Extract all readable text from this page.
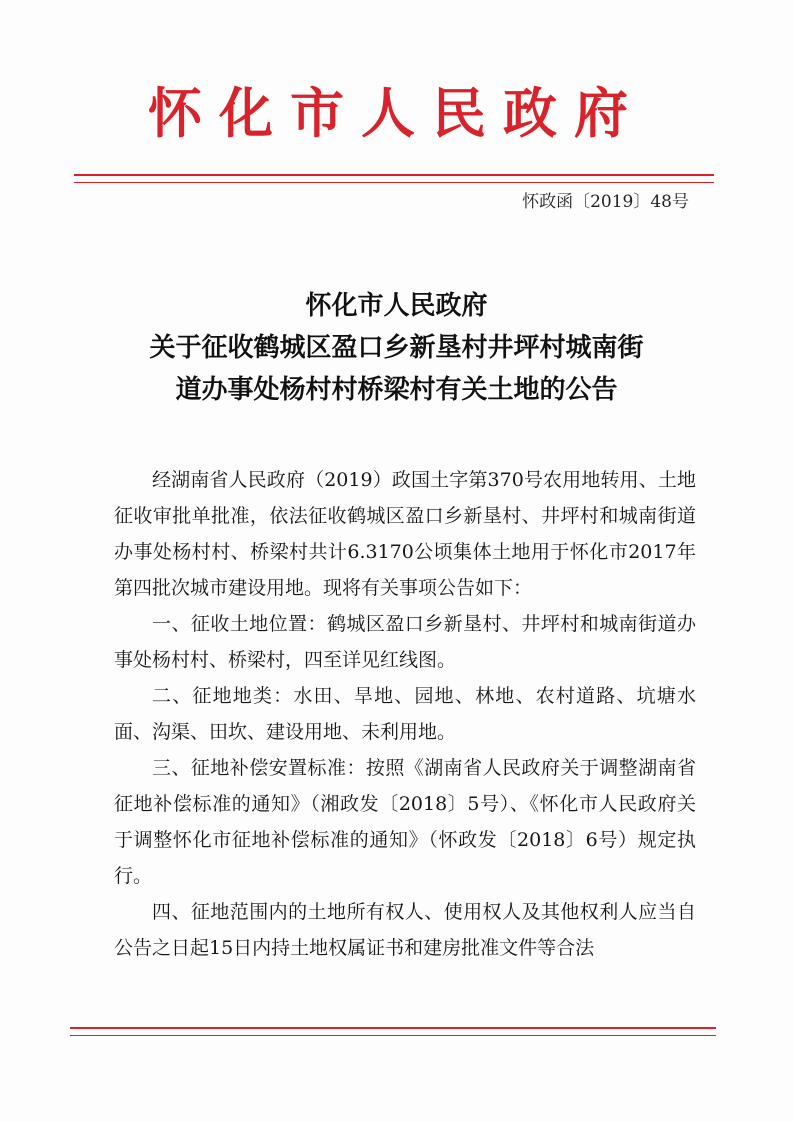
怀化市人民政府
怀政函〔2019〕48号
怀化市人民政府
关于征收鹤城区盈口乡新垦村井坪村城南街
道办事处杨村村桥梁村有关土地的公告

经湖南省人民政府（2019）政国土字第370号农用地转用、土地征收审批单批准，依法征收鹤城区盈口乡新垦村、井坪村和城南街道办事处杨村村、桥梁村共计6.3170公顷集体土地用于怀化市2017年第四批次城市建设用地。现将有关事项公告如下：

一、征收土地位置：鹤城区盈口乡新垦村、井坪村和城南街道办事处杨村村、桥梁村，四至详见红线图。

二、征地地类：水田、旱地、园地、林地、农村道路、坑塘水面、沟渠、田坎、建设用地、未利用地。

三、征地补偿安置标准：按照《湖南省人民政府关于调整湖南省征地补偿标准的通知》（湘政发〔2018〕5号）、《怀化市人民政府关于调整怀化市征地补偿标准的通知》（怀政发〔2018〕6号）规定执行。

四、征地范围内的土地所有权人、使用权人及其他权利人应当自公告之日起15日内持土地权属证书和建房批准文件等合法
